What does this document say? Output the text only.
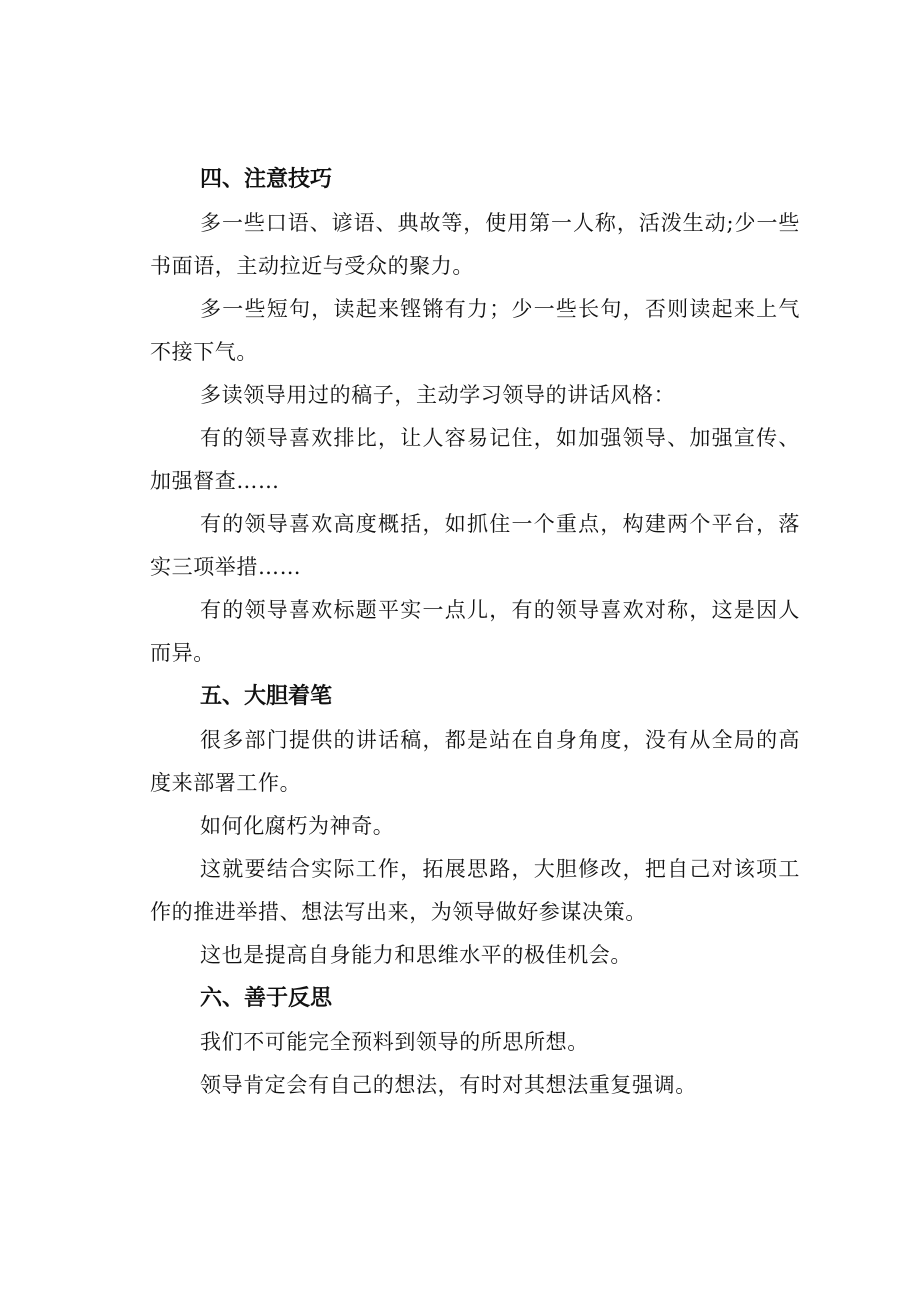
四、注意技巧

多一些口语、谚语、典故等，使用第一人称，活泼生动;少一些书面语，主动拉近与受众的聚力。

多一些短句，读起来铿锵有力；少一些长句，否则读起来上气不接下气。

多读领导用过的稿子，主动学习领导的讲话风格：

有的领导喜欢排比，让人容易记住，如加强领导、加强宣传、加强督查……

有的领导喜欢高度概括，如抓住一个重点，构建两个平台，落实三项举措……

有的领导喜欢标题平实一点儿，有的领导喜欢对称，这是因人而异。

五、大胆着笔

很多部门提供的讲话稿，都是站在自身角度，没有从全局的高度来部署工作。

如何化腐朽为神奇。

这就要结合实际工作，拓展思路，大胆修改，把自己对该项工作的推进举措、想法写出来，为领导做好参谋决策。

这也是提高自身能力和思维水平的极佳机会。

六、善于反思

我们不可能完全预料到领导的所思所想。

领导肯定会有自己的想法，有时对其想法重复强调。
